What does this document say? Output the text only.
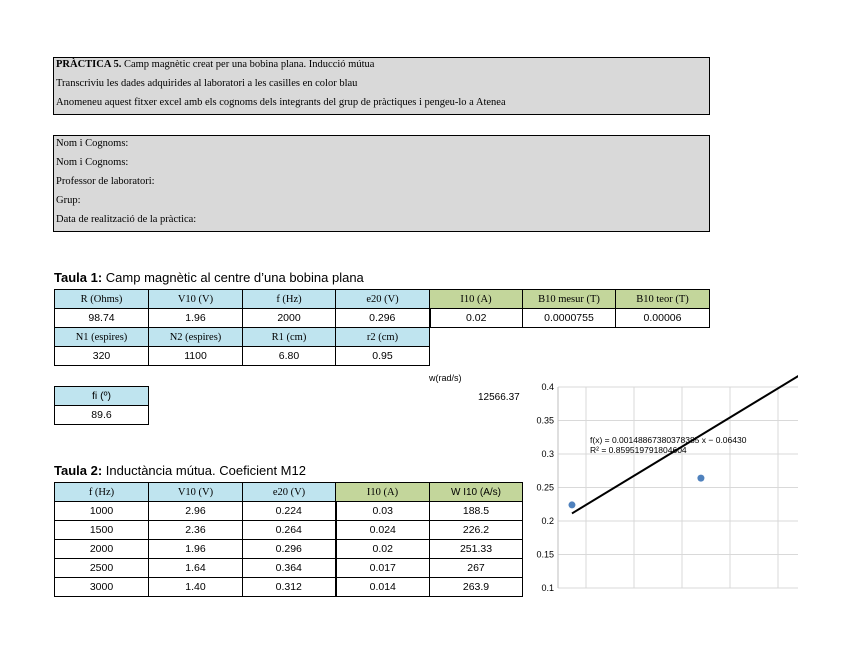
PRÀCTICA 5. Camp magnètic creat per una bobina plana. Inducció mútua
Transcriviu les dades adquirides al laboratori a les casilles en color blau
Anomeneu aquest fitxer excel amb els cognoms dels integrants del grup de pràctiques i pengeu-lo a Atenea
Nom i Cognoms:
Nom i Cognoms:
Professor de laboratori:
Grup:
Data de realització de la pràctica:
Taula 1: Camp magnètic al centre d’una bobina plana
R (Ohms)	V10 (V)	f (Hz)	e20 (V)	I10 (A)	B10 mesur (T)	B10 teor (T)
98.74	1.96	2000	0.296	0.02	0.0000755	0.00006
N1 (espires)	N2 (espires)	R1 (cm)	r2 (cm)
320	1100	6.80	0.95
fi (º)
89.6
w(rad/s)
12566.37
Taula 2: Inductància mútua. Coeficient M12
f (Hz)	V10 (V)	e20 (V)	I10 (A)	W I10 (A/s)
1000	2.96	0.224	0.03	188.5
1500	2.36	0.264	0.024	226.2
2000	1.96	0.296	0.02	251.33
2500	1.64	0.364	0.017	267
3000	1.40	0.312	0.014	263.9
0.4
0.35
0.3
0.25
0.2
0.15
0.1
f(x) = 0.00148867380378385 x − 0.06430
R² = 0.859519791804604
